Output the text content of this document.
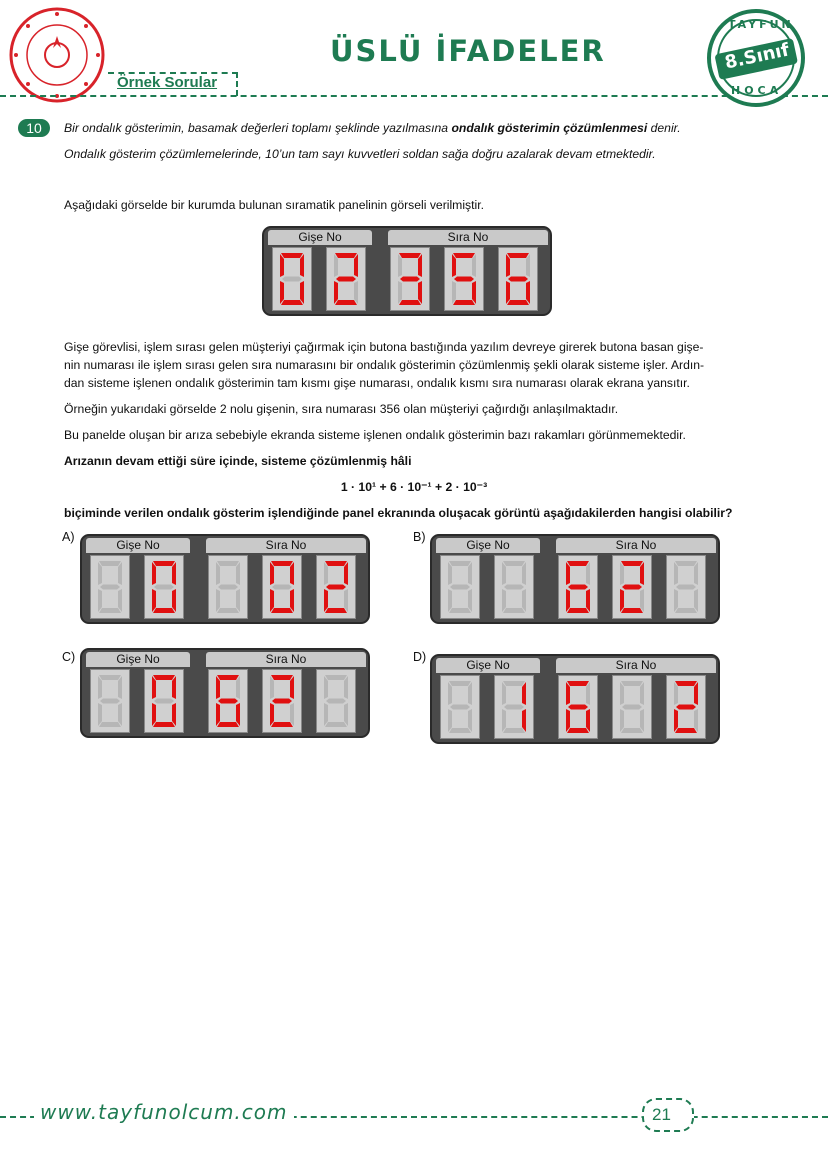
ÜSLÜ İFADELER
Örnek Sorular
8.Sınıf
TAYFUN
HOCA
10	Bir ondalık gösterimin, basamak değerleri toplamı şeklinde yazılmasına ondalık gösterimin çözümlenmesi denir.
Ondalık gösterim çözümlemelerinde, 10’un tam sayı kuvvetleri soldan sağa doğru azalarak devam etmektedir.
Aşağıdaki görselde bir kurumda bulunan sıramatik panelinin görseli verilmiştir.
Gişe No	Sıra No
A)
Gişe No	Sıra No
B)
Gişe No	Sıra No
C)	Gişe No	Sıra No	D)
Gişe No	Sıra No
Gişe görevlisi, işlem sırası gelen müşteriyi çağırmak için butona bastığında yazılım devreye girerek butona basan gişe-
nin numarası ile işlem sırası gelen sıra numarasını bir ondalık gösterimin çözümlenmiş şekli olarak sisteme işler. Ardın-
dan sisteme işlenen ondalık gösterimin tam kısmı gişe numarası, ondalık kısmı sıra numarası olarak ekrana yansıtır.
Örneğin yukarıdaki görselde 2 nolu gişenin, sıra numarası 356 olan müşteriyi çağırdığı anlaşılmaktadır.
Bu panelde oluşan bir arıza sebebiyle ekranda sisteme işlenen ondalık gösterimin bazı rakamları görünmemektedir.
Arızanın devam ettiği süre içinde, sisteme çözümlenmiş hâli
1 · 10¹ + 6 · 10⁻¹ + 2 · 10⁻³
biçiminde verilen ondalık gösterim işlendiğinde panel ekranında oluşacak görüntü aşağıdakilerden hangisi olabilir?
www.tayfunolcum.com	21
